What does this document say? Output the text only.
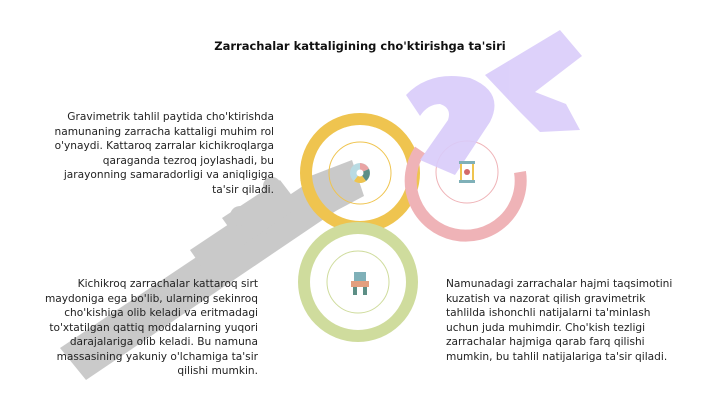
Zarrachalar kattaligining cho'ktirishga ta'siri
Gravimetrik tahlil paytida cho'ktirishda namunaning zarracha kattaligi muhim rol o'ynaydi. Kattaroq zarralar kichikroqlarga qaraganda tezroq joylashadi, bu jarayonning samaradorligi va aniqligiga ta'sir qiladi.
Kichikroq zarrachalar kattaroq sirt maydoniga ega bo'lib, ularning sekinroq cho'kishiga olib keladi va eritmadagi to'xtatilgan qattiq moddalarning yuqori darajalariga olib keladi. Bu namuna massasining yakuniy o'lchamiga ta'sir qilishi mumkin.
Namunadagi zarrachalar hajmi taqsimotini kuzatish va nazorat qilish gravimetrik tahlilda ishonchli natijalarni ta'minlash uchun juda muhimdir. Cho'kish tezligi zarrachalar hajmiga qarab farq qilishi mumkin, bu tahlil natijalariga ta'sir qiladi.
